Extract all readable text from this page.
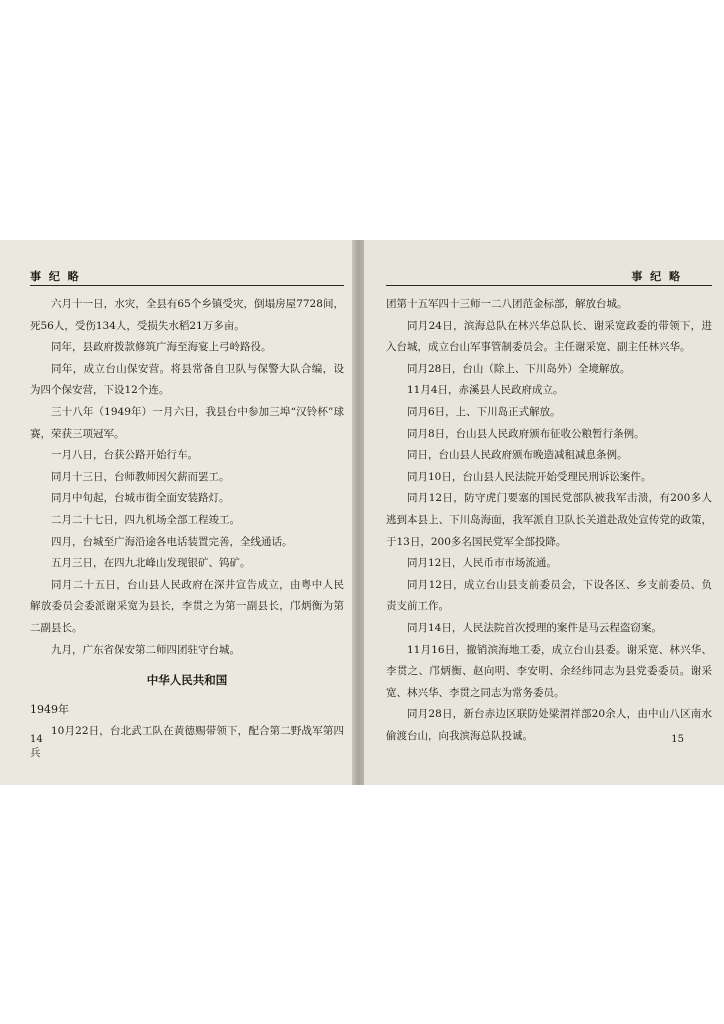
事 纪 略

六月十一日，水灾，全县有65个乡镇受灾，倒塌房屋7728间，死56人，受伤134人，受损失水稻21万多亩。

同年，县政府拨款修筑广海至海宴上弓岭路役。

同年，成立台山保安营。将县常备自卫队与保警大队合编，设为四个保安营，下设12个连。

三十八年（1949年）一月六日，我县台中参加三埠“汉铃杯”球赛，荣获三项冠军。

一月八日，台获公路开始行车。

同月十三日，台师教师因欠薪而罢工。

同月中旬起，台城市街全面安装路灯。

二月二十七日，四九机场全部工程竣工。

四月，台城至广海沿途各电话装置完善，全线通话。

五月三日，在四九北峰山发现银矿、钨矿。

同月二十五日，台山县人民政府在深井宣告成立，由粤中人民解放委员会委派谢采宽为县长，李贯之为第一副县长，邝炳衡为第二副县长。

九月，广东省保安第二师四团驻守台城。

中华人民共和国
1949年

10月22日，台北武工队在黄德赐带领下，配合第二野战军第四兵

14
事 纪 略

团第十五军四十三师一二八团范金标部，解放台城。

同月24日，滨海总队在林兴华总队长、谢采宽政委的带领下，进入台城，成立台山军事管制委员会。主任谢采宽、副主任林兴华。

同月28日，台山（除上、下川岛外）全境解放。

11月4日，赤溪县人民政府成立。

同月6日，上、下川岛正式解放。

同月8日，台山县人民政府颁布征收公粮暂行条例。

同日，台山县人民政府颁布晚造减租减息条例。

同月10日，台山县人民法院开始受理民刑诉讼案件。

同月12日，防守虎门要塞的国民党部队被我军击溃，有200多人逃到本县上、下川岛海面，我军派自卫队长关道赴敌处宣传党的政策，于13日，200多名国民党军全部投降。

同月12日，人民币市市场流通。

同月12日，成立台山县支前委员会，下设各区、乡支前委员、负责支前工作。

同月14日，人民法院首次授理的案件是马云程盗窃案。

11月16日，撤销滨海地工委，成立台山县委。谢采宽、林兴华、李贯之、邝炳衡、赵向明、李安明、余经纬同志为县党委委员。谢采宽、林兴华、李贯之同志为常务委员。

同月28日，新台赤边区联防处梁渭祥部20余人，由中山八区南水偷渡台山，向我滨海总队投诚。	15
